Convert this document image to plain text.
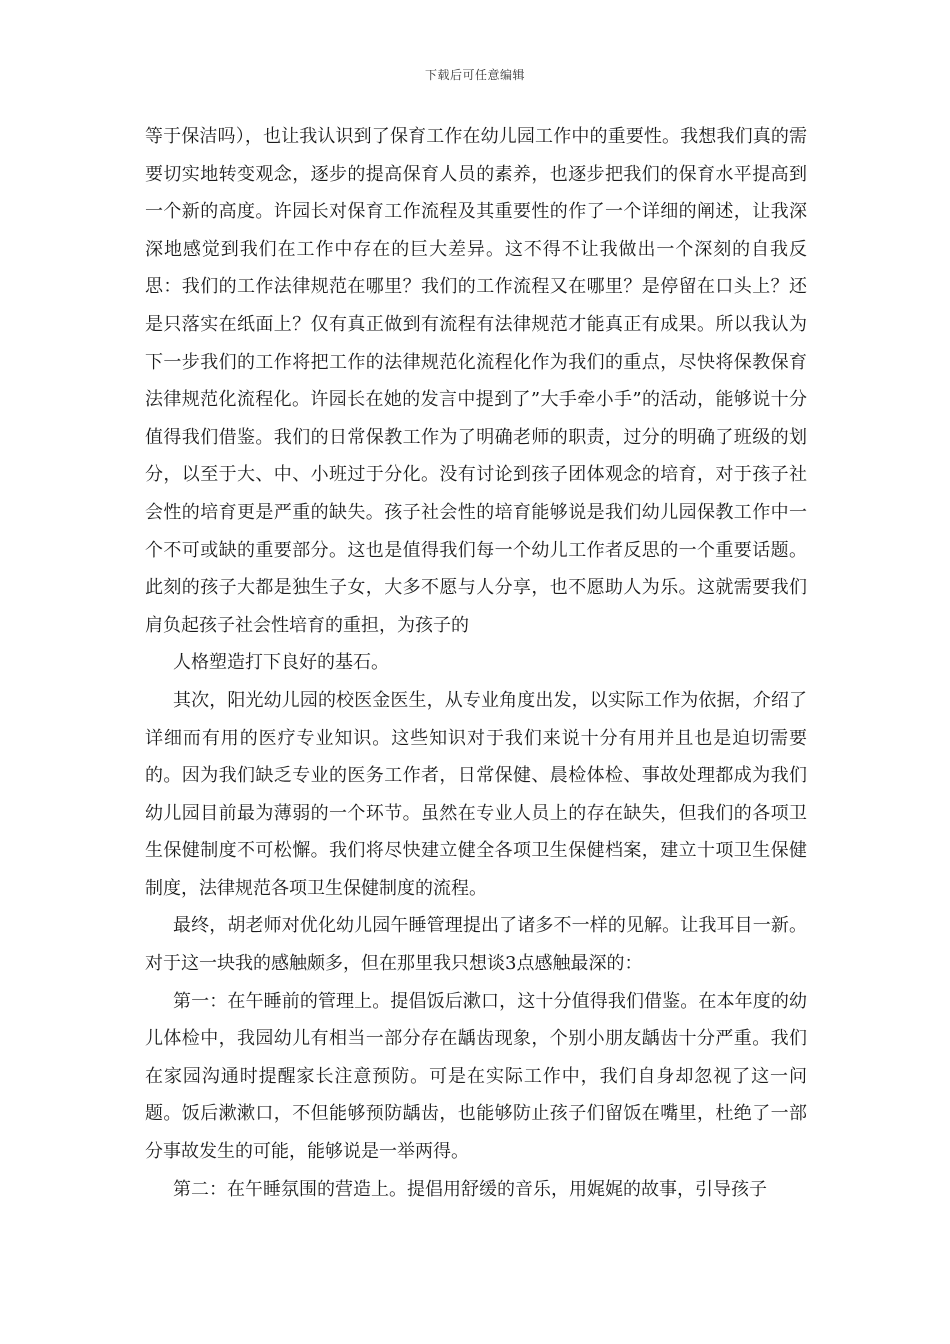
下载后可任意编辑

等于保洁吗），也让我认识到了保育工作在幼儿园工作中的重要性。我想我们真的需要切实地转变观念，逐步的提高保育人员的素养，也逐步把我们的保育水平提高到一个新的高度。许园长对保育工作流程及其重要性的作了一个详细的阐述，让我深深地感觉到我们在工作中存在的巨大差异。这不得不让我做出一个深刻的自我反思：我们的工作法律规范在哪里？我们的工作流程又在哪里？是停留在口头上？还是只落实在纸面上？仅有真正做到有流程有法律规范才能真正有成果。所以我认为下一步我们的工作将把工作的法律规范化流程化作为我们的重点，尽快将保教保育法律规范化流程化。许园长在她的发言中提到了”大手牵小手”的活动，能够说十分值得我们借鉴。我们的日常保教工作为了明确老师的职责，过分的明确了班级的划分，以至于大、中、小班过于分化。没有讨论到孩子团体观念的培育，对于孩子社会性的培育更是严重的缺失。孩子社会性的培育能够说是我们幼儿园保教工作中一个不可或缺的重要部分。这也是值得我们每一个幼儿工作者反思的一个重要话题。此刻的孩子大都是独生子女，大多不愿与人分享，也不愿助人为乐。这就需要我们肩负起孩子社会性培育的重担，为孩子的

人格塑造打下良好的基石。

其次，阳光幼儿园的校医金医生，从专业角度出发，以实际工作为依据，介绍了详细而有用的医疗专业知识。这些知识对于我们来说十分有用并且也是迫切需要的。因为我们缺乏专业的医务工作者，日常保健、晨检体检、事故处理都成为我们幼儿园目前最为薄弱的一个环节。虽然在专业人员上的存在缺失，但我们的各项卫生保健制度不可松懈。我们将尽快建立健全各项卫生保健档案，建立十项卫生保健制度，法律规范各项卫生保健制度的流程。

最终，胡老师对优化幼儿园午睡管理提出了诸多不一样的见解。让我耳目一新。对于这一块我的感触颇多，但在那里我只想谈3点感触最深的：

第一：在午睡前的管理上。提倡饭后漱口，这十分值得我们借鉴。在本年度的幼儿体检中，我园幼儿有相当一部分存在龋齿现象，个别小朋友龋齿十分严重。我们在家园沟通时提醒家长注意预防。可是在实际工作中，我们自身却忽视了这一问题。饭后漱漱口，不但能够预防龋齿，也能够防止孩子们留饭在嘴里，杜绝了一部分事故发生的可能，能够说是一举两得。

第二：在午睡氛围的营造上。提倡用舒缓的音乐，用娓娓的故事，引导孩子
